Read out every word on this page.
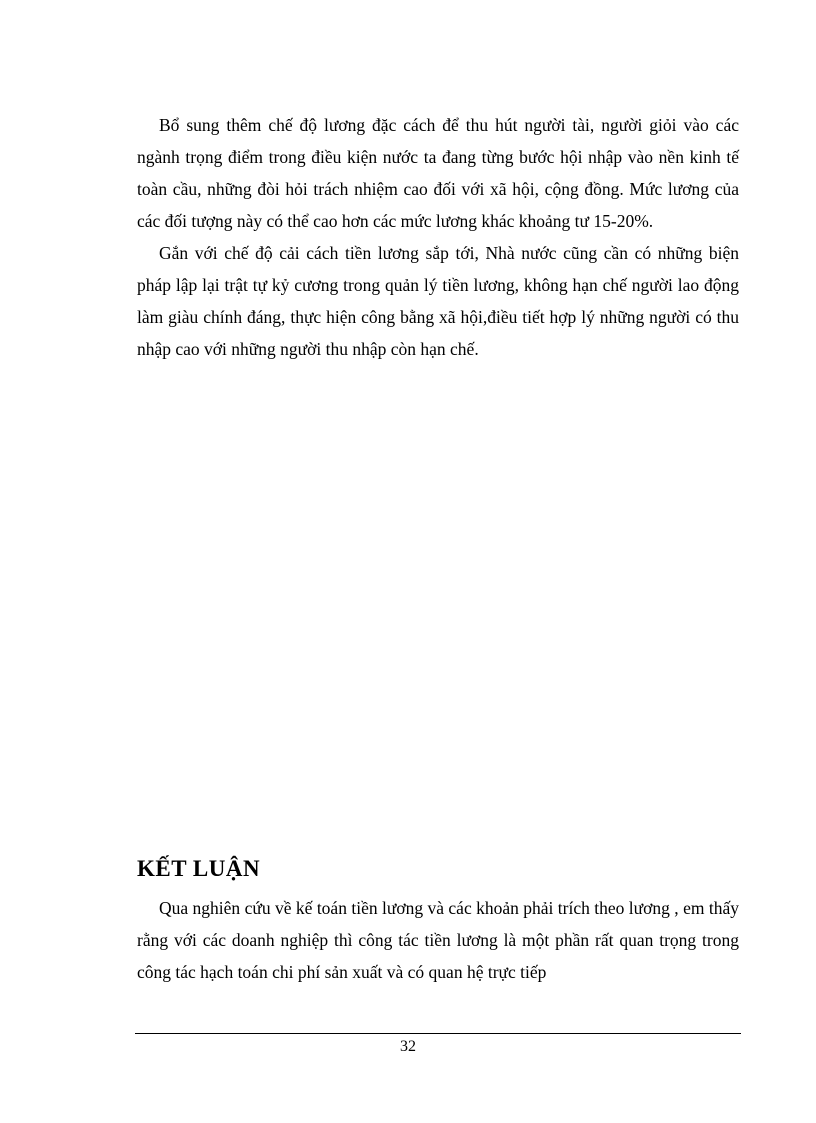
Bổ sung thêm chế độ lương đặc cách để thu hút người tài, người giỏi vào các ngành trọng điểm trong điều kiện nước ta đang từng bước hội nhập vào nền kinh tế toàn cầu, những đòi hỏi trách nhiệm cao đối với xã hội, cộng đồng. Mức lương của các đối tượng này có thể cao hơn các mức lương khác khoảng tư 15-20%.

Gắn với chế độ cải cách tiền lương sắp tới, Nhà nước cũng cần có những biện pháp lập lại trật tự kỷ cương trong quản lý tiền lương, không hạn chế người lao động làm giàu chính đáng, thực hiện công bằng xã hội,điều tiết hợp lý những người có thu nhập cao với những người thu nhập còn hạn chế.

KẾT LUẬN

Qua nghiên cứu về kế toán tiền lương và các khoản phải trích theo lương , em thấy rằng với các doanh nghiệp thì công tác tiền lương là một phần rất quan trọng trong công tác hạch toán chi phí sản xuất và có quan hệ trực tiếp

32
